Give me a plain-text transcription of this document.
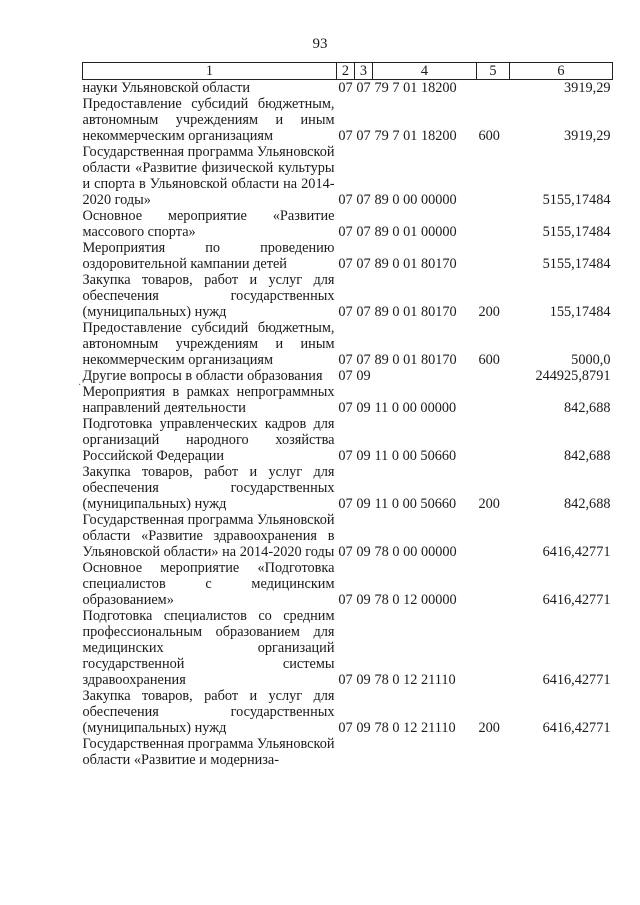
93
1	2	3	4	5	6
науки Ульяновской области	07	07	79 7 01 18200		3919,29
Предоставление субсидий бюджетным, автономным учреждениям и иным некоммерческим организациям	07	07	79 7 01 18200	600	3919,29
Государственная программа Ульяновской области «Развитие физической культуры и спорта в Ульяновской области на 2014-2020 годы»	07	07	89 0 00 00000		5155,17484
Основное мероприятие «Развитие массового спорта»	07	07	89 0 01 00000		5155,17484
Мероприятия по проведению оздоровительной кампании детей	07	07	89 0 01 80170		5155,17484
Закупка товаров, работ и услуг для обеспечения государственных (муниципальных) нужд	07	07	89 0 01 80170	200	155,17484
Предоставление субсидий бюджетным, автономным учреждениям и иным некоммерческим организациям	07	07	89 0 01 80170	600	5000,0
Другие вопросы в области образования	07	09			244925,8791
Мероприятия в рамках непрограммных направлений деятельности	07	09	11 0 00 00000		842,688
Подготовка управленческих кадров для организаций народного хозяйства Российской Федерации	07	09	11 0 00 50660		842,688
Закупка товаров, работ и услуг для обеспечения государственных (муниципальных) нужд	07	09	11 0 00 50660	200	842,688
Государственная программа Ульяновской области «Развитие здравоохранения в Ульяновской области» на 2014-2020 годы	07	09	78 0 00 00000		6416,42771
Основное мероприятие «Подготовка специалистов с медицинским образованием»	07	09	78 0 12 00000		6416,42771
Подготовка специалистов со средним профессиональным образованием для медицинских организаций государственной системы здравоохранения	07	09	78 0 12 21110		6416,42771
Закупка товаров, работ и услуг для обеспечения государственных (муниципальных) нужд	07	09	78 0 12 21110	200	6416,42771
Государственная программа Ульяновской области «Развитие и модерниза-					
·
